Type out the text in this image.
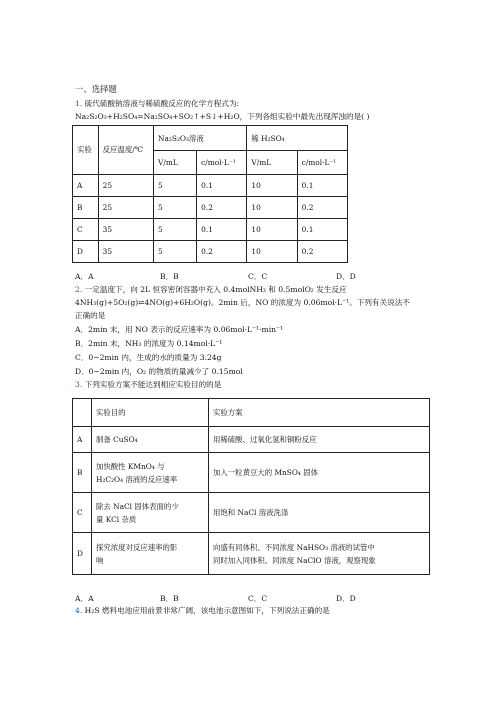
一、选择题
1. 硫代硫酸钠溶液与稀硫酸反应的化学方程式为:
Na₂S₂O₃+H₂SO₄=Na₂SO₄+SO₂↑+S↓+H₂O，下列各组实验中最先出现浑浊的是( )
实验	反应温度/℃	Na₂S₂O₃溶液		稀 H₂SO₄	
		V/mL	c/mol·L⁻¹	V/mL	c/mol·L⁻¹
A	25	5	0.1	10	0.1
B	25	5	0.2	10	0.2
C	35	5	0.1	10	0.1
D	35	5	0.2	10	0.2
A．A	B．B	C．C	D．D
2. 一定温度下，向 2L 恒容密闭容器中充入 0.4molNH₃ 和 0.5molO₂ 发生反应
4NH₃(g)+5O₂(g)⇌4NO(g)+6H₂O(g)。2min 后，NO 的浓度为 0.06mol·L⁻¹。下列有关说法不
正确的是
A．2min 末，用 NO 表示的反应速率为 0.06mol·L⁻¹·min⁻¹
B．2min 末，NH₃ 的浓度为 0.14mol·L⁻¹
C．0~2min 内，生成的水的质量为 3.24g
D．0~2min 内，O₂ 的物质的量减少了 0.15mol
3. 下列实验方案不能达到相应实验目的的是
	实验目的	实验方案
A	制备 CuSO₄	用稀硫酸、过氧化氢和铜粉反应
B	加快酸性 KMnO₄ 与
H₂C₂O₄ 溶液的反应速率	加入一粒黄豆大的 MnSO₄ 固体
C	除去 NaCl 固体表面的少
量 KCl 杂质	用饱和 NaCl 溶液洗涤
D	探究浓度对反应速率的影
响	向盛有同体积、不同浓度 NaHSO₃ 溶液的试管中
同时加入同体积、同浓度 NaClO 溶液，观察现象
A．A	B．B	C．C	D．D
4. H₂S 燃料电池应用前景非常广阔，该电池示意图如下，下列说法正确的是
